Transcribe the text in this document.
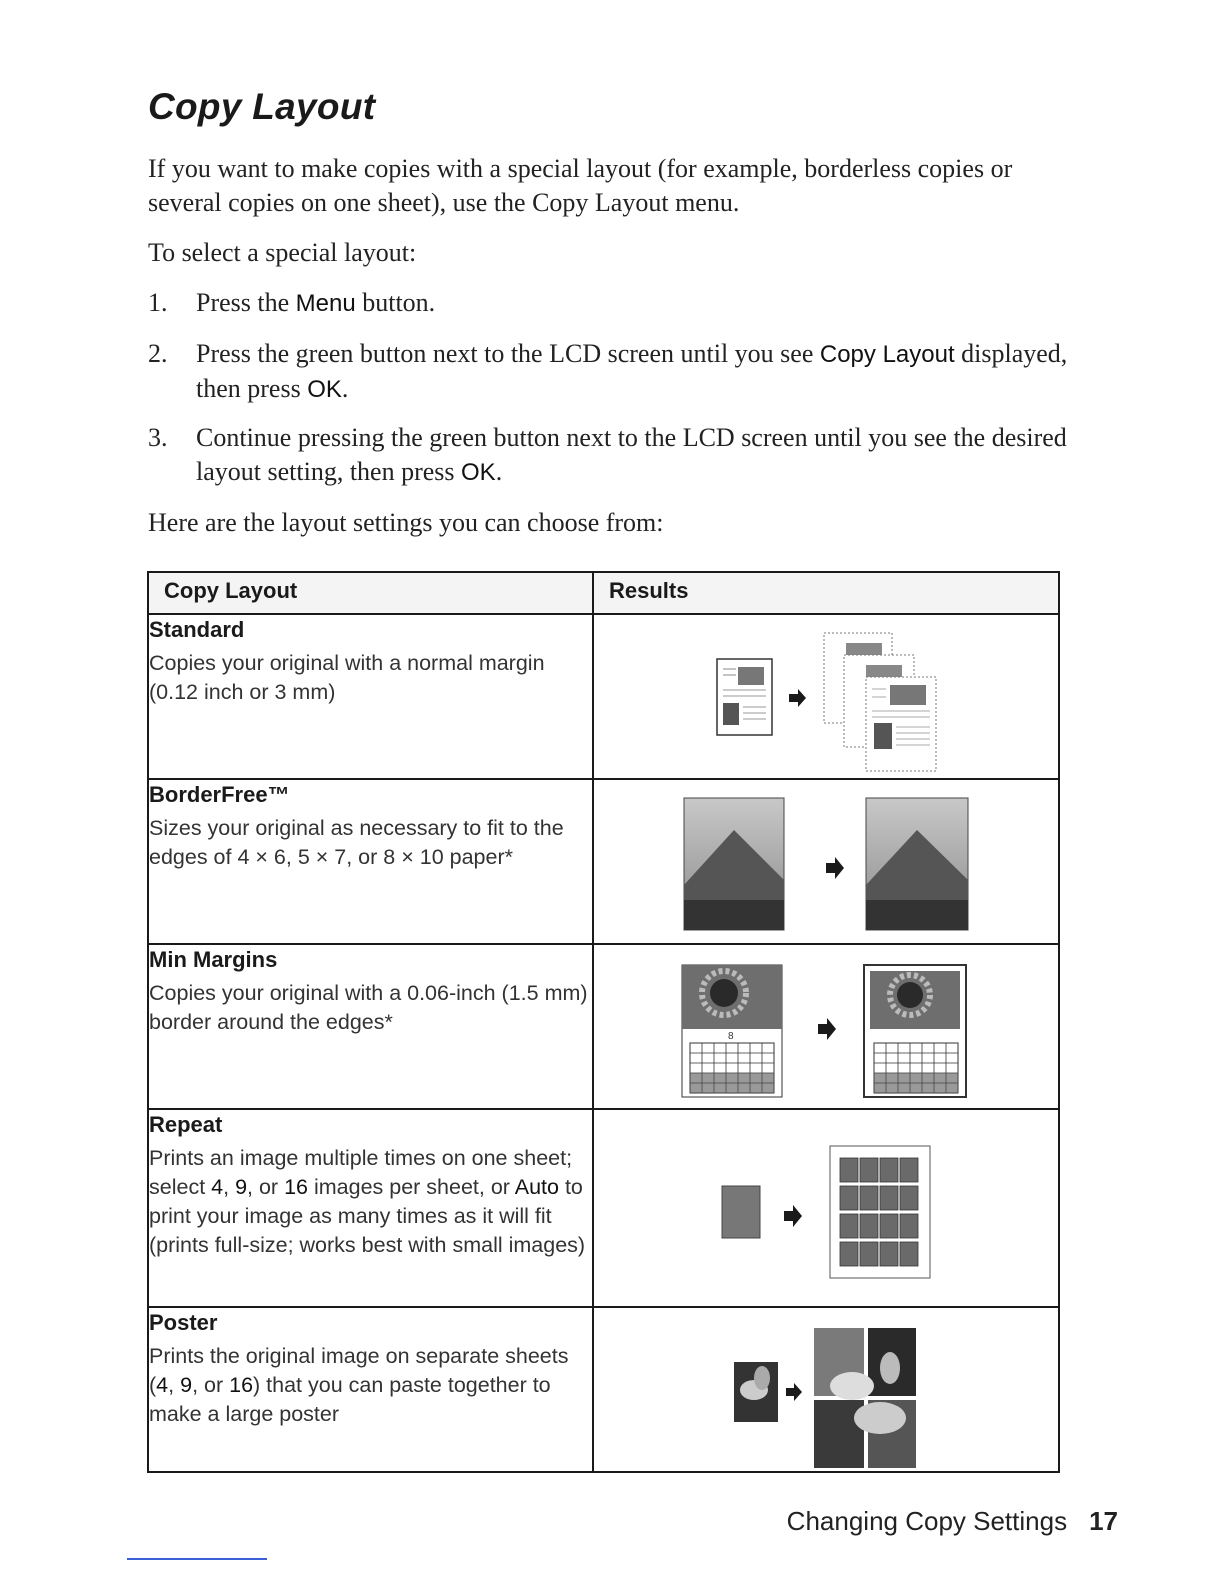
Copy Layout
If you want to make copies with a special layout (for example, borderless copies or several copies on one sheet), use the Copy Layout menu.
To select a special layout:
1. Press the Menu button.
2. Press the green button next to the LCD screen until you see Copy Layout displayed, then press OK.
3. Continue pressing the green button next to the LCD screen until you see the desired layout setting, then press OK.
Here are the layout settings you can choose from:
Copy Layout	Results

Standard
Copies your original with a normal margin (0.12 inch or 3 mm)

BorderFree™
Sizes your original as necessary to fit to the edges of 4 × 6, 5 × 7, or 8 × 10 paper*

Min Margins
Copies your original with a 0.06-inch (1.5 mm) border around the edges*	8

Repeat
Prints an image multiple times on one sheet; select 4, 9, or 16 images per sheet, or Auto to print your image as many times as it will fit (prints full-size; works best with small images)

Poster
Prints the original image on separate sheets (4, 9, or 16) that you can paste together to make a large poster

Changing Copy Settings 17
